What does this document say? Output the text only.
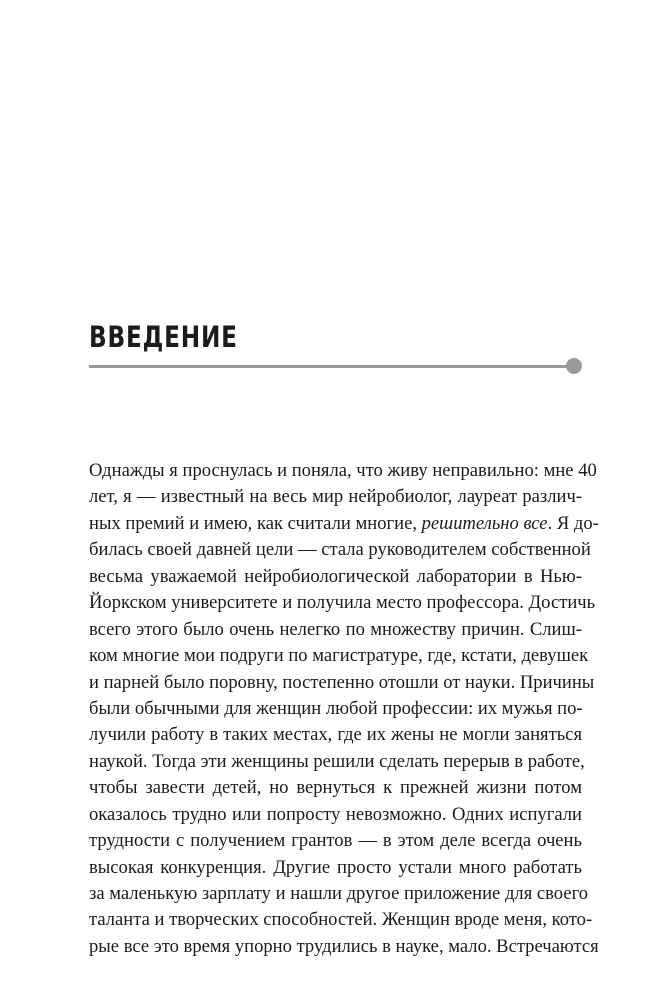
ВВЕДЕНИЕ
Однажды я проснулась и поняла, что живу неправильно: мне 40
лет, я — известный на весь мир нейробиолог, лауреат различ-
ных премий и имею, как считали многие, решительно все. Я до-
билась своей давней цели — стала руководителем собственной
весьма уважаемой нейробиологической лаборатории в Нью-
Йоркском университете и получила место профессора. Достичь
всего этого было очень нелегко по множеству причин. Слиш-
ком многие мои подруги по магистратуре, где, кстати, девушек
и парней было поровну, постепенно отошли от науки. Причины
были обычными для женщин любой профессии: их мужья по-
лучили работу в таких местах, где их жены не могли заняться
наукой. Тогда эти женщины решили сделать перерыв в работе,
чтобы завести детей, но вернуться к прежней жизни потом
оказалось трудно или попросту невозможно. Одних испугали
трудности с получением грантов — в этом деле всегда очень
высокая конкуренция. Другие просто устали много работать
за маленькую зарплату и нашли другое приложение для своего
таланта и творческих способностей. Женщин вроде меня, кото-
рые все это время упорно трудились в науке, мало. Встречаются
